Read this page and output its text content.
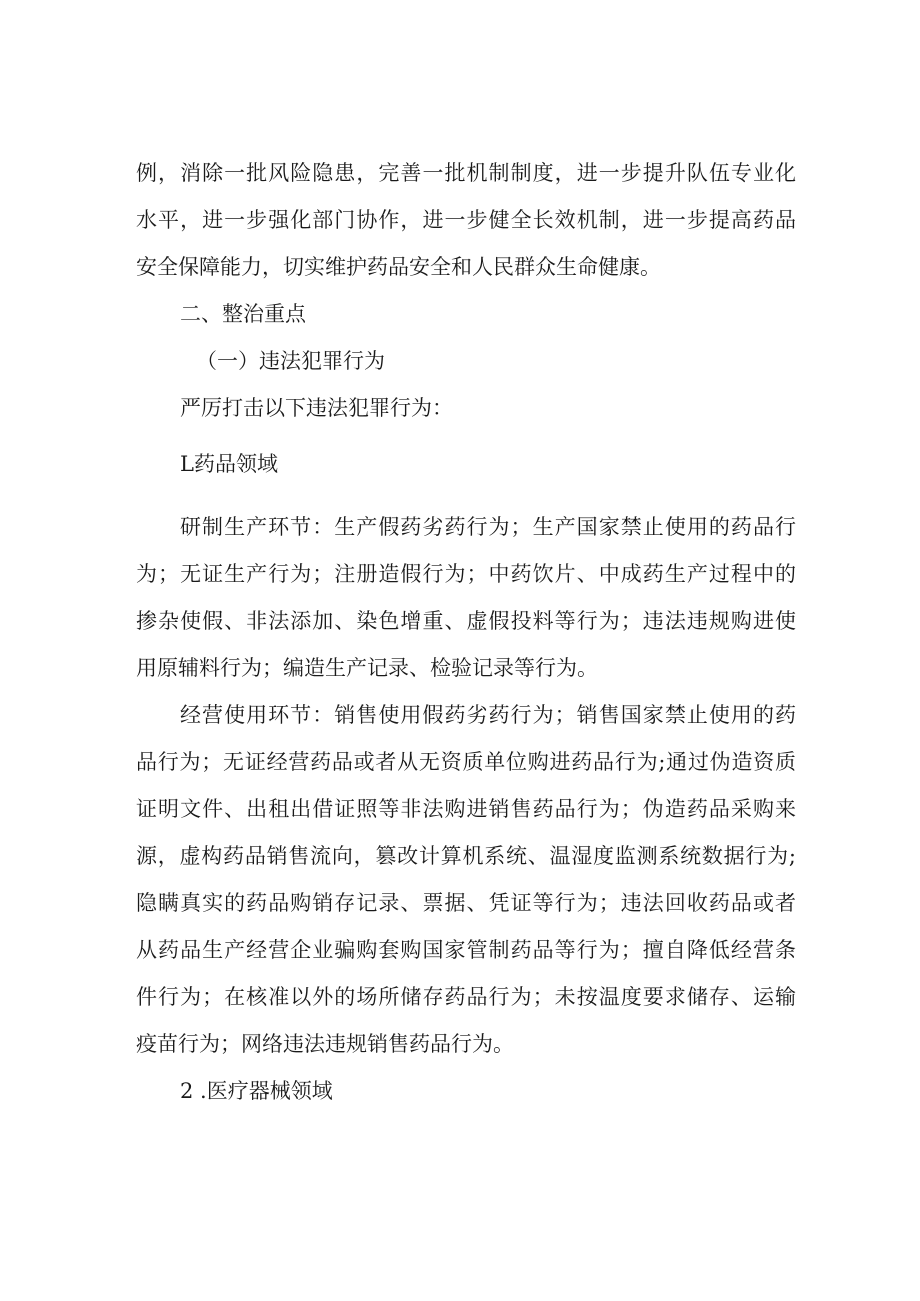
例，消除一批风险隐患，完善一批机制制度，进一步提升队伍专业化
水平，进一步强化部门协作，进一步健全长效机制，进一步提高药品
安全保障能力，切实维护药品安全和人民群众生命健康。
二、整治重点
（一）违法犯罪行为
严厉打击以下违法犯罪行为：
L药品领域
研制生产环节：生产假药劣药行为；生产国家禁止使用的药品行
为；无证生产行为；注册造假行为；中药饮片、中成药生产过程中的
掺杂使假、非法添加、染色增重、虚假投料等行为；违法违规购进使
用原辅料行为；编造生产记录、检验记录等行为。
经营使用环节：销售使用假药劣药行为；销售国家禁止使用的药
品行为；无证经营药品或者从无资质单位购进药品行为;通过伪造资质
证明文件、出租出借证照等非法购进销售药品行为；伪造药品采购来
源，虚构药品销售流向，篡改计算机系统、温湿度监测系统数据行为;
隐瞒真实的药品购销存记录、票据、凭证等行为；违法回收药品或者
从药品生产经营企业骗购套购国家管制药品等行为；擅自降低经营条
件行为；在核准以外的场所储存药品行为；未按温度要求储存、运输
疫苗行为；网络违法违规销售药品行为。
2 .医疗器械领域
